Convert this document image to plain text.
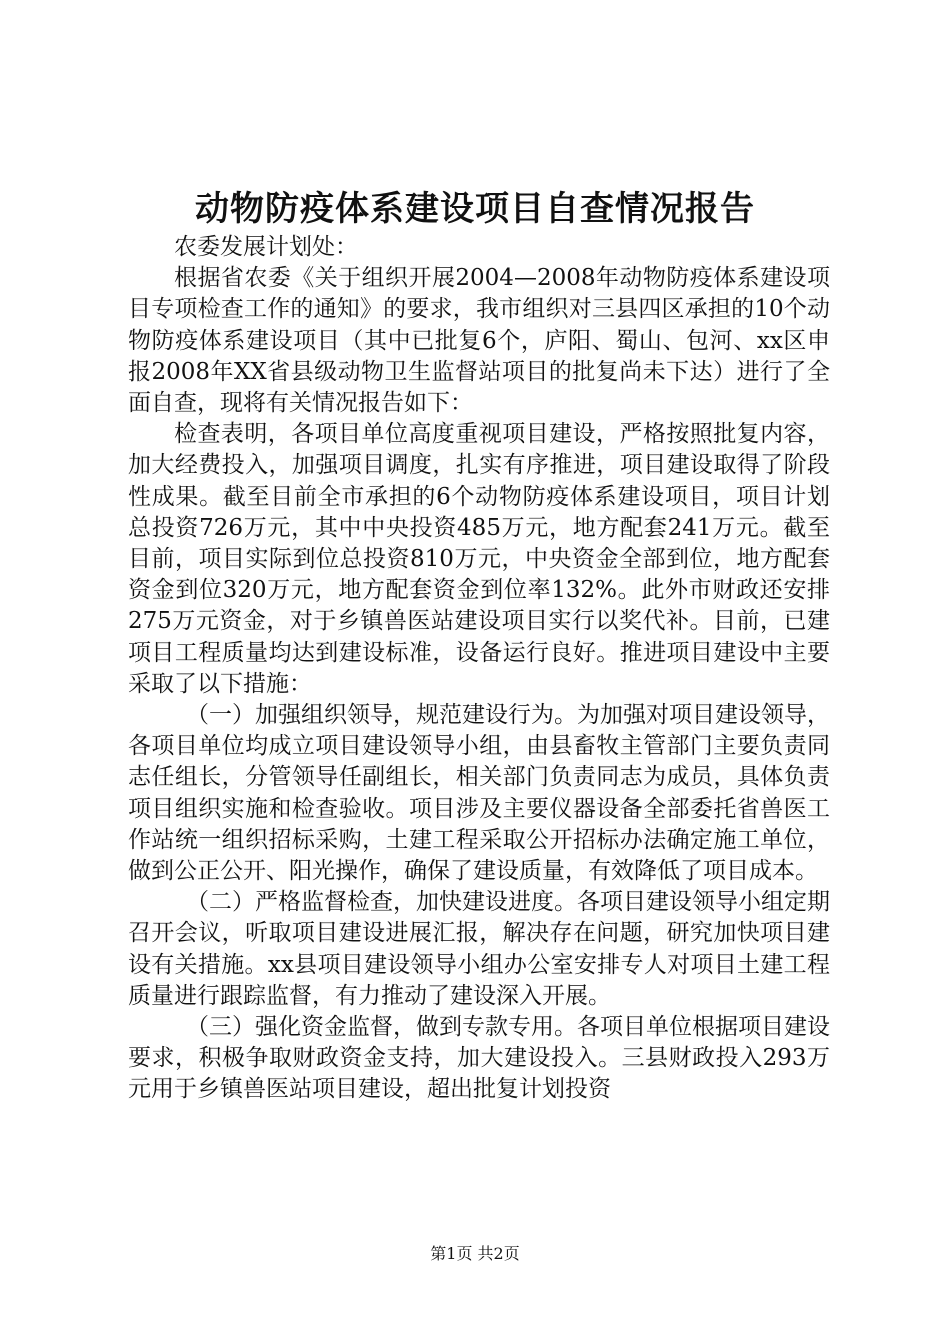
动物防疫体系建设项目自查情况报告

农委发展计划处：

根据省农委《关于组织开展2004—2008年动物防疫体系建设项目专项检查工作的通知》的要求，我市组织对三县四区承担的10个动物防疫体系建设项目（其中已批复6个，庐阳、蜀山、包河、xx区申报2008年XX省县级动物卫生监督站项目的批复尚未下达）进行了全面自查，现将有关情况报告如下：

检查表明，各项目单位高度重视项目建设，严格按照批复内容，加大经费投入，加强项目调度，扎实有序推进，项目建设取得了阶段性成果。截至目前全市承担的6个动物防疫体系建设项目，项目计划总投资726万元，其中中央投资485万元，地方配套241万元。截至目前，项目实际到位总投资810万元，中央资金全部到位，地方配套资金到位320万元，地方配套资金到位率132%。此外市财政还安排275万元资金，对于乡镇兽医站建设项目实行以奖代补。目前，已建项目工程质量均达到建设标准，设备运行良好。推进项目建设中主要采取了以下措施：

（一）加强组织领导，规范建设行为。为加强对项目建设领导，各项目单位均成立项目建设领导小组，由县畜牧主管部门主要负责同志任组长，分管领导任副组长，相关部门负责同志为成员，具体负责项目组织实施和检查验收。项目涉及主要仪器设备全部委托省兽医工作站统一组织招标采购，土建工程采取公开招标办法确定施工单位，做到公正公开、阳光操作，确保了建设质量，有效降低了项目成本。

（二）严格监督检查，加快建设进度。各项目建设领导小组定期召开会议，听取项目建设进展汇报，解决存在问题，研究加快项目建设有关措施。xx县项目建设领导小组办公室安排专人对项目土建工程质量进行跟踪监督，有力推动了建设深入开展。

（三）强化资金监督，做到专款专用。各项目单位根据项目建设要求，积极争取财政资金支持，加大建设投入。三县财政投入293万元用于乡镇兽医站项目建设，超出批复计划投资

第1页 共2页
